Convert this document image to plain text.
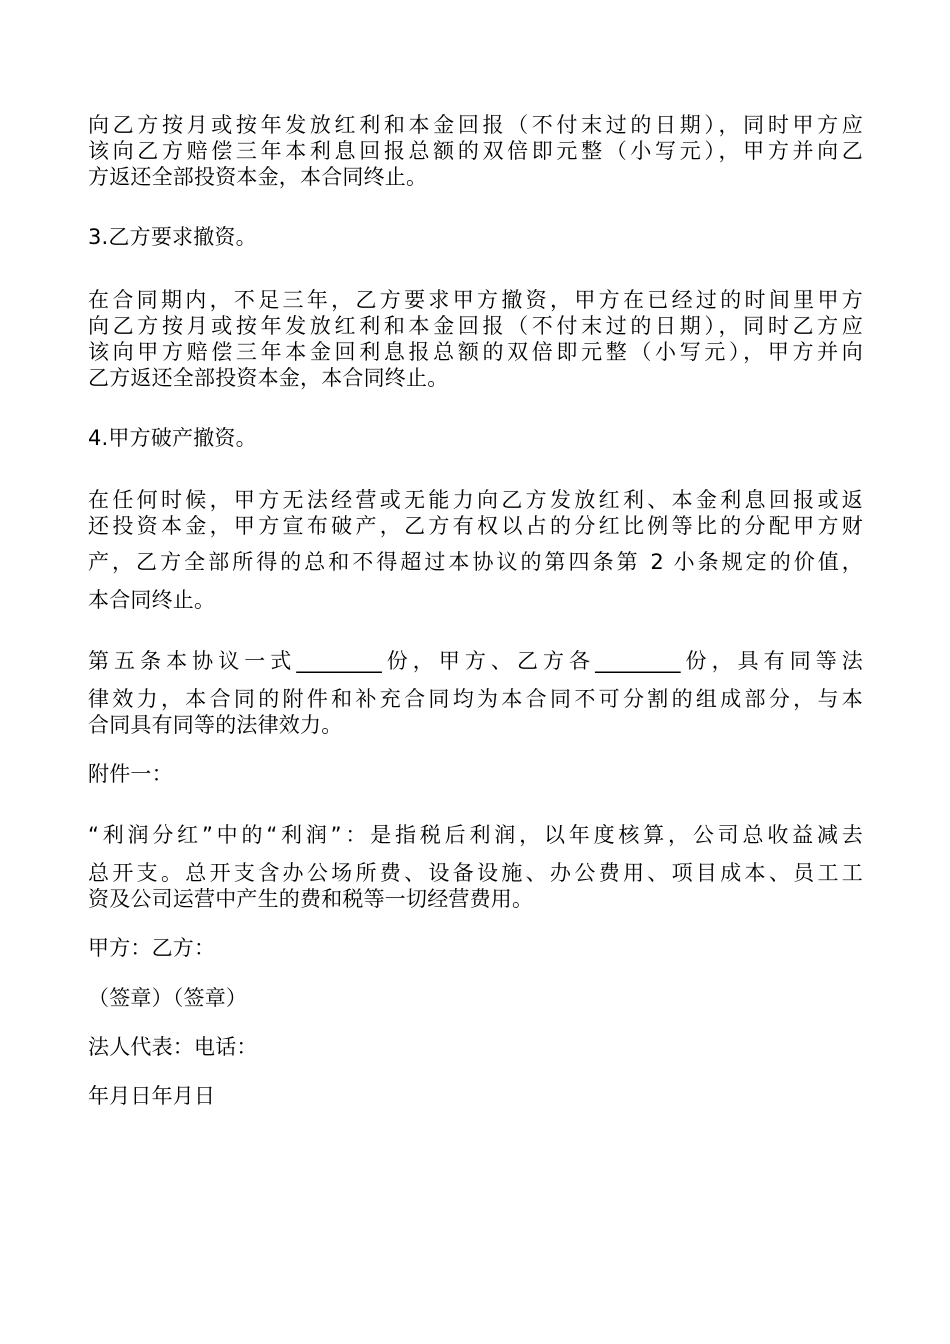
向乙方按月或按年发放红利和本金回报（不付末过的日期），同时甲方应
该向乙方赔偿三年本利息回报总额的双倍即元整（小写元），甲方并向乙
方返还全部投资本金，本合同终止。
3.乙方要求撤资。
在合同期内，不足三年，乙方要求甲方撤资，甲方在已经过的时间里甲方
向乙方按月或按年发放红利和本金回报（不付末过的日期），同时乙方应
该向甲方赔偿三年本金回利息报总额的双倍即元整（小写元），甲方并向
乙方返还全部投资本金，本合同终止。
4.甲方破产撤资。
在任何时候，甲方无法经营或无能力向乙方发放红利、本金利息回报或返
还投资本金，甲方宣布破产，乙方有权以占的分红比例等比的分配甲方财
产，乙方全部所得的总和不得超过本协议的第四条第 2 小条规定的价值，
本合同终止。
第五条本协议一式________份，甲方、乙方各________份，具有同等法
律效力，本合同的附件和补充合同均为本合同不可分割的组成部分，与本
合同具有同等的法律效力。
附件一：
“利润分红”中的“利润”：是指税后利润，以年度核算，公司总收益减去
总开支。总开支含办公场所费、设备设施、办公费用、项目成本、员工工
资及公司运营中产生的费和税等一切经营费用。
甲方：乙方：
（签章）（签章）
法人代表：电话：
年月日年月日
